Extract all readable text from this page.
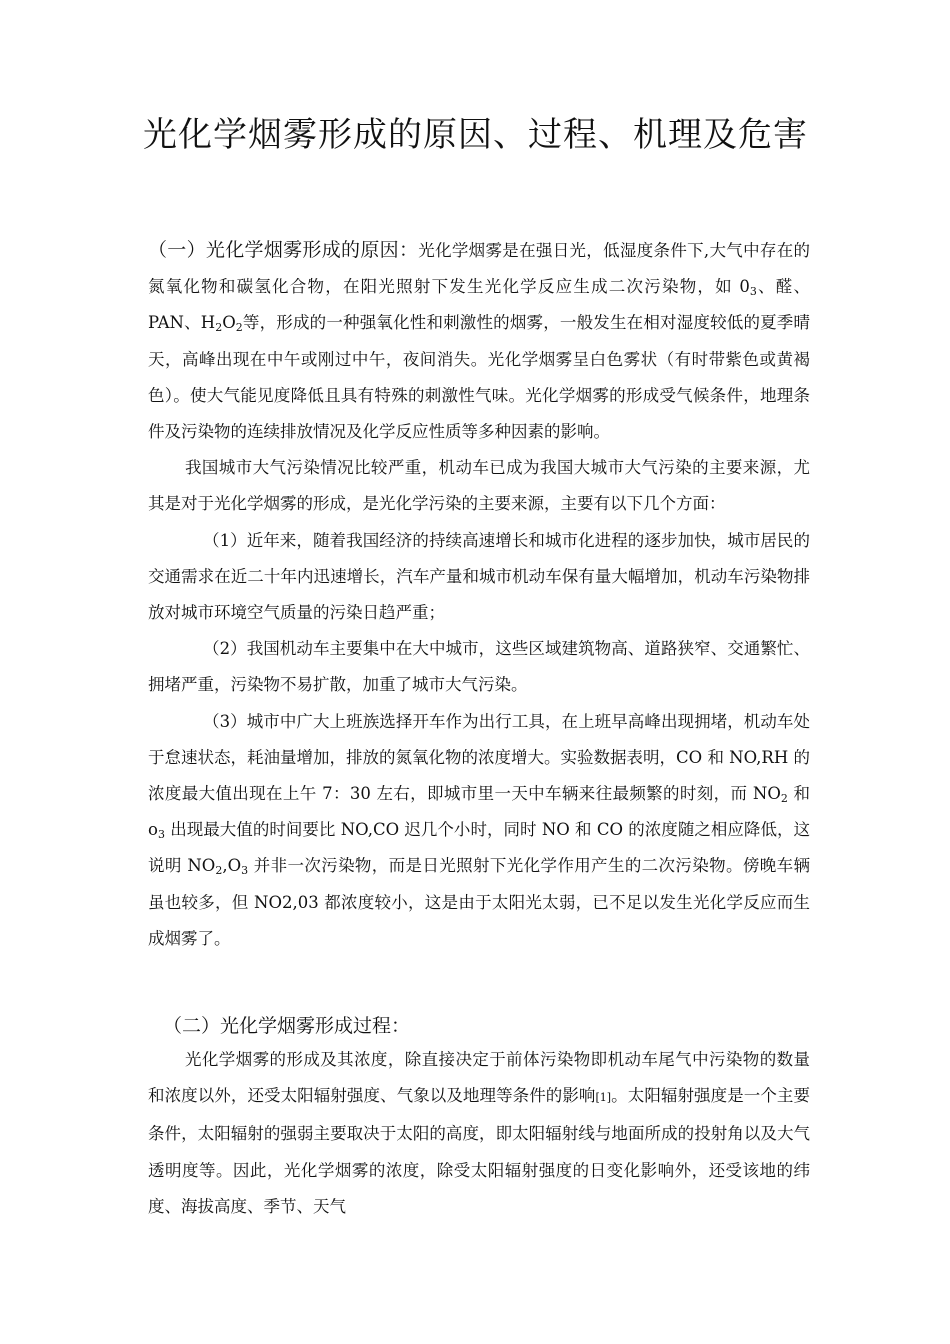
光化学烟雾形成的原因、过程、机理及危害

（一）光化学烟雾形成的原因：光化学烟雾是在强日光，低湿度条件下,大气中存在的氮氧化物和碳氢化合物，在阳光照射下发生光化学反应生成二次污染物，如 $0_3$、醛、PAN、$H_2O_2$等，形成的一种强氧化性和刺激性的烟雾，一般发生在相对湿度较低的夏季晴天，高峰出现在中午或刚过中午，夜间消失。光化学烟雾呈白色雾状（有时带紫色或黄褐色）。使大气能见度降低且具有特殊的刺激性气味。光化学烟雾的形成受气候条件，地理条件及污染物的连续排放情况及化学反应性质等多种因素的影响。

我国城市大气污染情况比较严重，机动车已成为我国大城市大气污染的主要来源，尤其是对于光化学烟雾的形成，是光化学污染的主要来源，主要有以下几个方面：

（1）近年来，随着我国经济的持续高速增长和城市化进程的逐步加快，城市居民的交通需求在近二十年内迅速增长，汽车产量和城市机动车保有量大幅增加，机动车污染物排放对城市环境空气质量的污染日趋严重；

（2）我国机动车主要集中在大中城市，这些区域建筑物高、道路狭窄、交通繁忙、拥堵严重，污染物不易扩散，加重了城市大气污染。

（3）城市中广大上班族选择开车作为出行工具，在上班早高峰出现拥堵，机动车处于怠速状态，耗油量增加，排放的氮氧化物的浓度增大。实验数据表明，CO 和 NO,RH 的浓度最大值出现在上午 7：30 左右，即城市里一天中车辆来往最频繁的时刻，而 $NO_2$ 和 $o_3$ 出现最大值的时间要比 NO,CO 迟几个小时，同时 NO 和 CO 的浓度随之相应降低，这说明 $NO_2,O_3$ 并非一次污染物，而是日光照射下光化学作用产生的二次污染物。傍晚车辆虽也较多，但 NO2,03 都浓度较小，这是由于太阳光太弱，已不足以发生光化学反应而生成烟雾了。

（二）光化学烟雾形成过程：

光化学烟雾的形成及其浓度，除直接决定于前体污染物即机动车尾气中污染物的数量和浓度以外，还受太阳辐射强度、气象以及地理等条件的影响[1]。太阳辐射强度是一个主要条件，太阳辐射的强弱主要取决于太阳的高度，即太阳辐射线与地面所成的投射角以及大气透明度等。因此，光化学烟雾的浓度，除受太阳辐射强度的日变化影响外，还受该地的纬度、海拔高度、季节、天气
